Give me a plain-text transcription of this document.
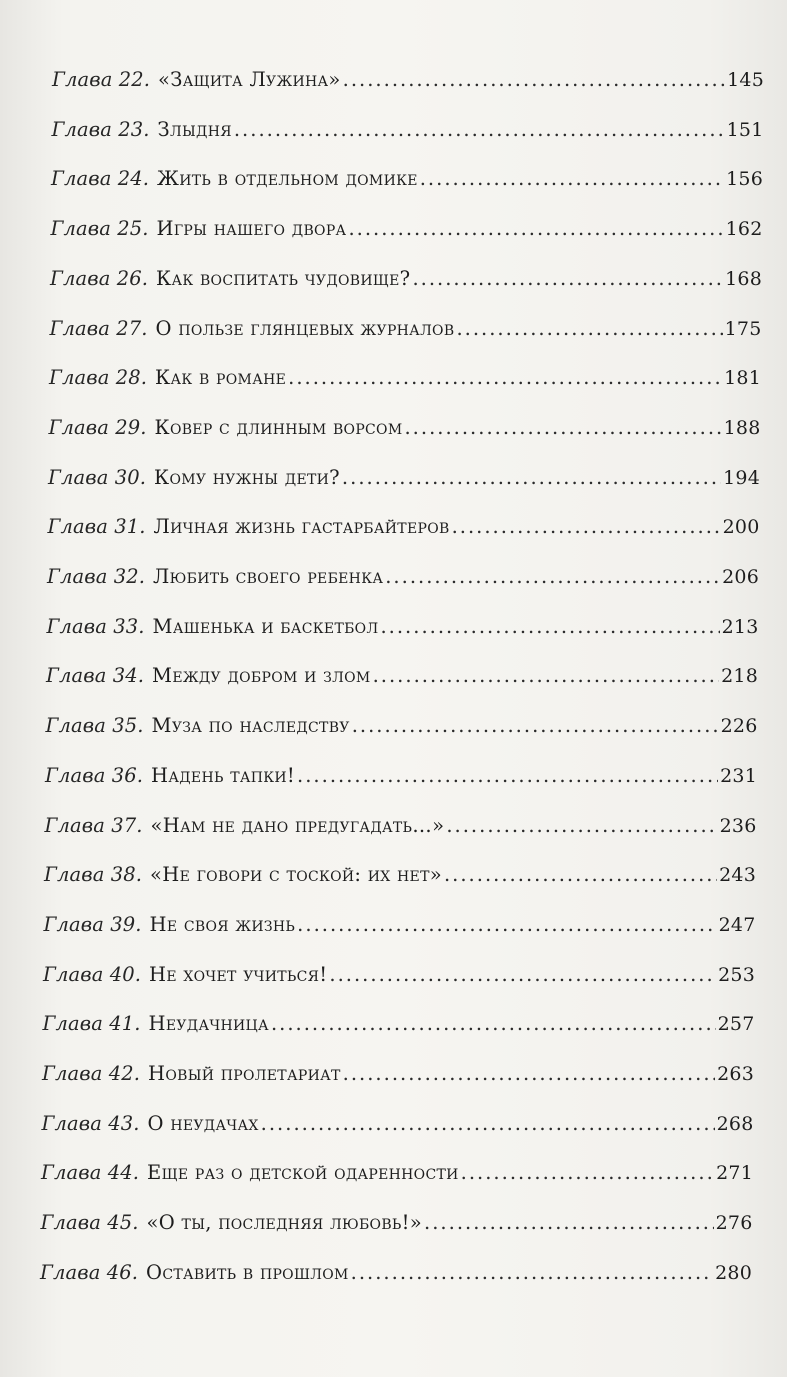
Глава 22. «Защита Лужина» .....	145
Глава 23. Злыдня .....	151
Глава 24. Жить в отдельном домике .....	156
Глава 25. Игры нашего двора .....	162
Глава 26. Как воспитать чудовище? .....	168
Глава 27. О пользе глянцевых журналов .....	175
Глава 28. Как в романе .....	181
Глава 29. Ковер с длинным ворсом .....	188
Глава 30. Кому нужны дети? .....	194
Глава 31. Личная жизнь гастарбайтеров .....	200
Глава 32. Любить своего ребенка .....	206
Глава 33. Машенька и баскетбол .....	213
Глава 34. Между добром и злом .....	218
Глава 35. Муза по наследству .....	226
Глава 36. Надень тапки! .....	231
Глава 37. «Нам не дано предугадать…» .....	236
Глава 38. «Не говори с тоской: их нет» .....	243
Глава 39. Не своя жизнь .....	247
Глава 40. Не хочет учиться! .....	253
Глава 41. Неудачница .....	257
Глава 42. Новый пролетариат .....	263
Глава 43. О неудачах .....	268
Глава 44. Еще раз о детской одаренности .....	271
Глава 45. «О ты, последняя любовь!» .....	276
Глава 46. Оставить в прошлом .....	280
